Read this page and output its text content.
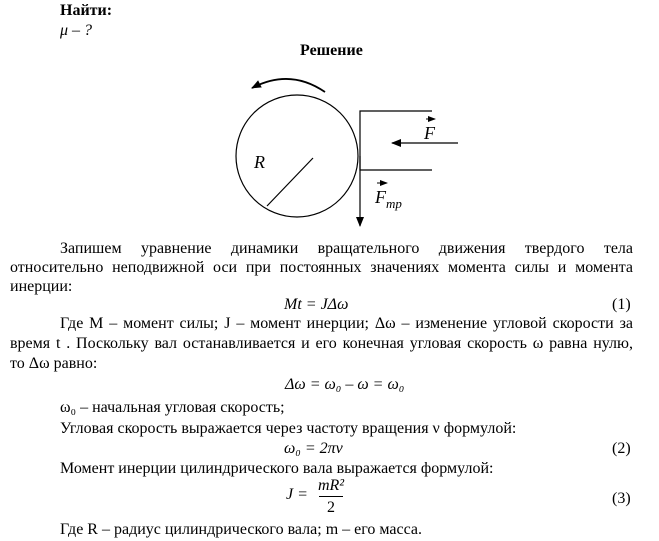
Найти:
μ – ?
Решение
R
F
F тр
Запишем уравнение динамики вращательного движения твердого тела
относительно неподвижной оси при постоянных значениях момента силы и момента
инерции:
Mt = JΔω	(1)
Где M – момент силы; J – момент инерции; Δω – изменение угловой скорости за
время t . Поскольку вал останавливается и его конечная угловая скорость ω равна нулю,
то Δω равно:
Δω = ω₀ – ω = ω₀
ω₀ – начальная угловая скорость;
Угловая скорость выражается через частоту вращения ν формулой:
ω₀ = 2πν	(2)
Момент инерции цилиндрического вала выражается формулой:
J =
mR²
2
(3)
Где R – радиус цилиндрического вала; m – его масса.
